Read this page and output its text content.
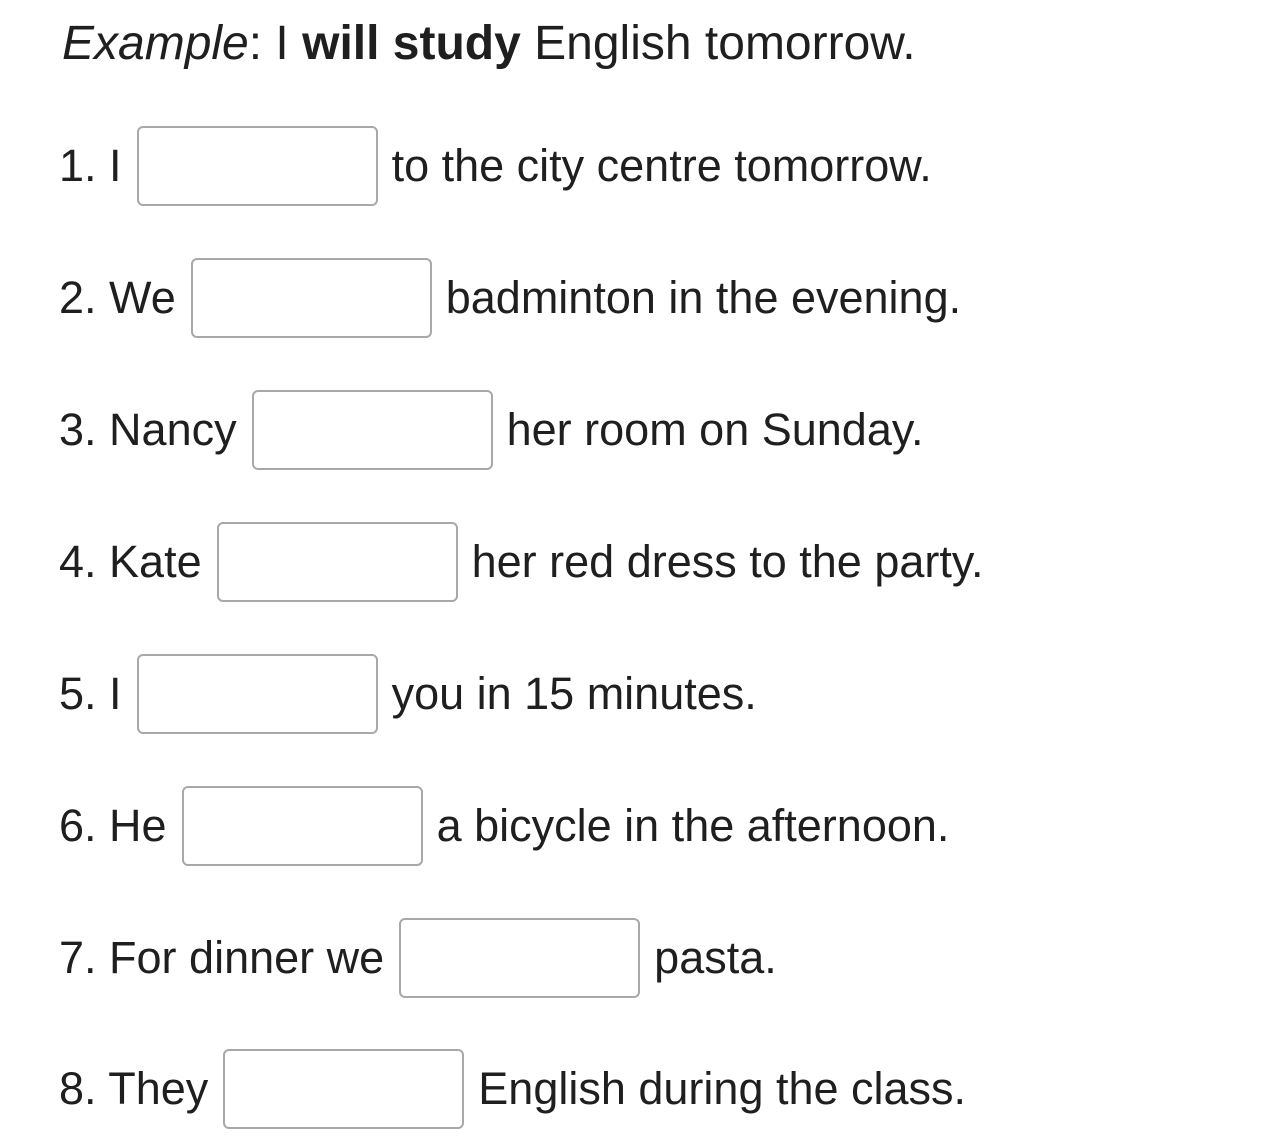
Example: I will study English tomorrow.
1. I	to the city centre tomorrow.
2. We	badminton in the evening.
3. Nancy	her room on Sunday.
4. Kate	her red dress to the party.
5. I	you in 15 minutes.
6. He	a bicycle in the afternoon.
7. For dinner we	pasta.
8. They	English during the class.
